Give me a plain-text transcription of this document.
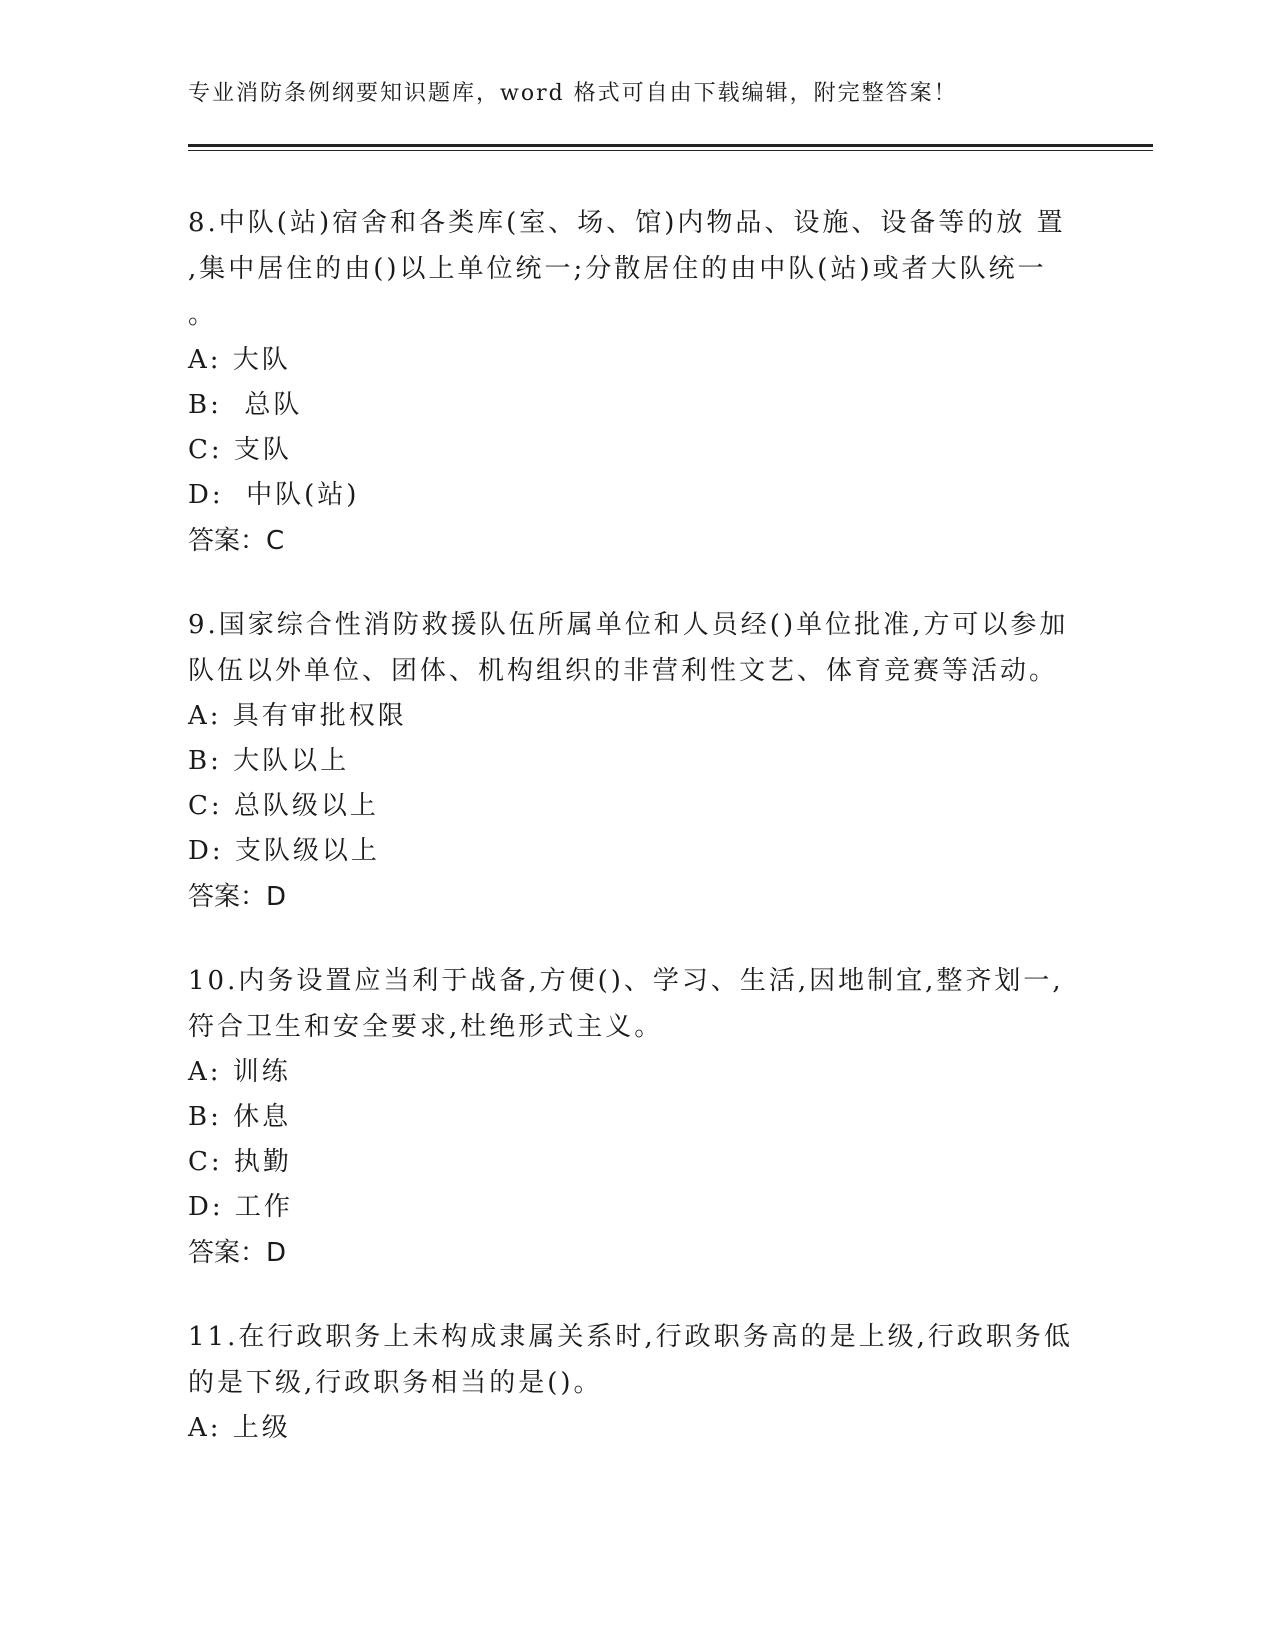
专业消防条例纲要知识题库，word 格式可自由下载编辑，附完整答案！

8.中队(站)宿舍和各类库(室、场、馆)内物品、设施、设备等的放 置

,集中居住的由()以上单位统一;分散居住的由中队(站)或者大队统一

。

A: 大队

B:  总队

C: 支队

D:  中队(站)

答案：C

9.国家综合性消防救援队伍所属单位和人员经()单位批准,方可以参加

队伍以外单位、团体、机构组织的非营利性文艺、体育竞赛等活动。

A: 具有审批权限

B: 大队以上

C: 总队级以上

D: 支队级以上

答案：D

10.内务设置应当利于战备,方便()、学习、生活,因地制宜,整齐划一,

符合卫生和安全要求,杜绝形式主义。

A: 训练

B: 休息

C: 执勤

D: 工作

答案：D

11.在行政职务上未构成隶属关系时,行政职务高的是上级,行政职务低

的是下级,行政职务相当的是()。

A: 上级
